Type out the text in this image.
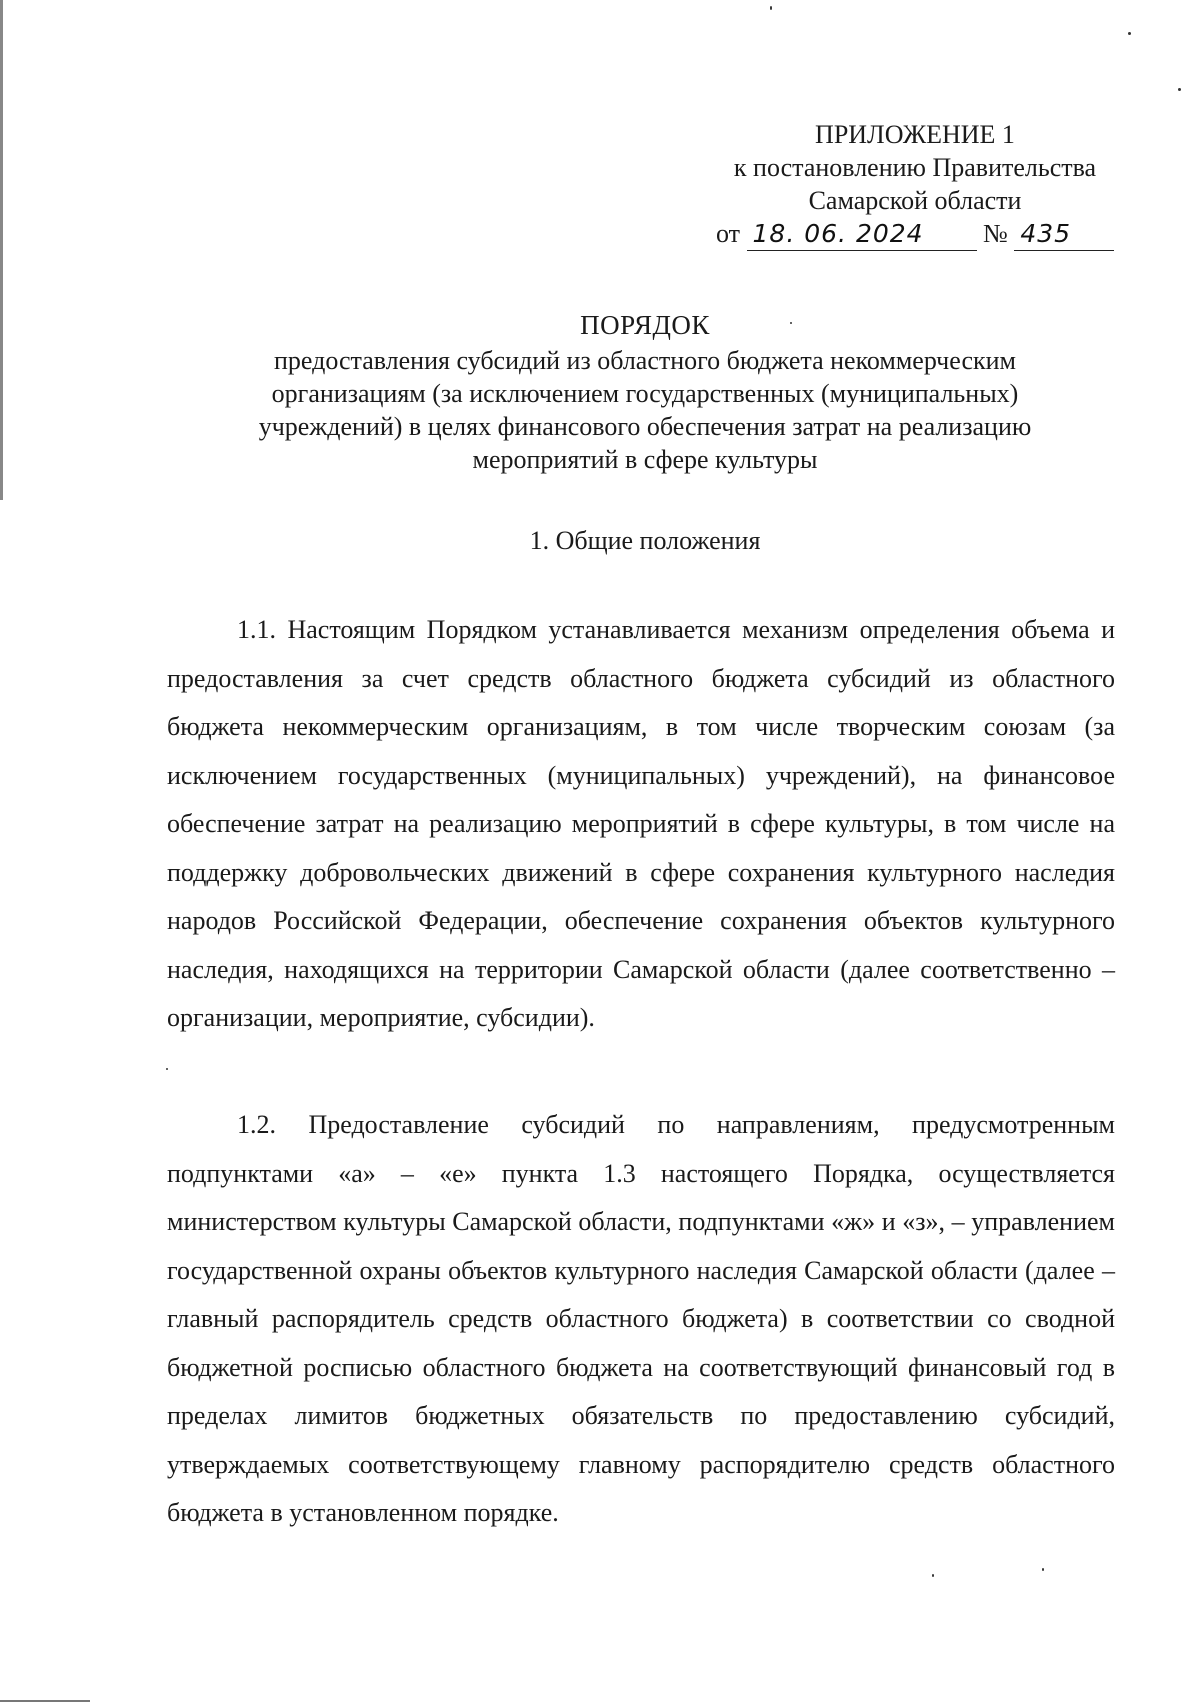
ПРИЛОЖЕНИЕ 1
к постановлению Правительства
Самарской области
от 18. 06. 2024 № 435
ПОРЯДОК
предоставления субсидий из областного бюджета некоммерческим
организациям (за исключением государственных (муниципальных)
учреждений) в целях финансового обеспечения затрат на реализацию
мероприятий в сфере культуры
1. Общие положения

1.1. Настоящим Порядком устанавливается механизм определения объема и предоставления за счет средств областного бюджета субсидий из областного бюджета некоммерческим организациям, в том числе творческим союзам (за исключением государственных (муниципальных) учреждений), на финансовое обеспечение затрат на реализацию мероприятий в сфере культуры, в том числе на поддержку добровольческих движений в сфере сохранения культурного наследия народов Российской Федерации, обеспечение сохранения объектов культурного наследия, находящихся на территории Самарской области (далее соответственно – организации, мероприятие, субсидии).

1.2. Предоставление субсидий по направлениям, предусмотренным подпунктами «а» – «е» пункта 1.3 настоящего Порядка, осуществляется министерством культуры Самарской области, подпунктами «ж» и «з», – управлением государственной охраны объектов культурного наследия Самарской области (далее – главный распорядитель средств областного бюджета) в соответствии со сводной бюджетной росписью областного бюджета на соответствующий финансовый год в пределах лимитов бюджетных обязательств по предоставлению субсидий, утверждаемых соответствующему главному распорядителю средств областного бюджета в установленном порядке.
